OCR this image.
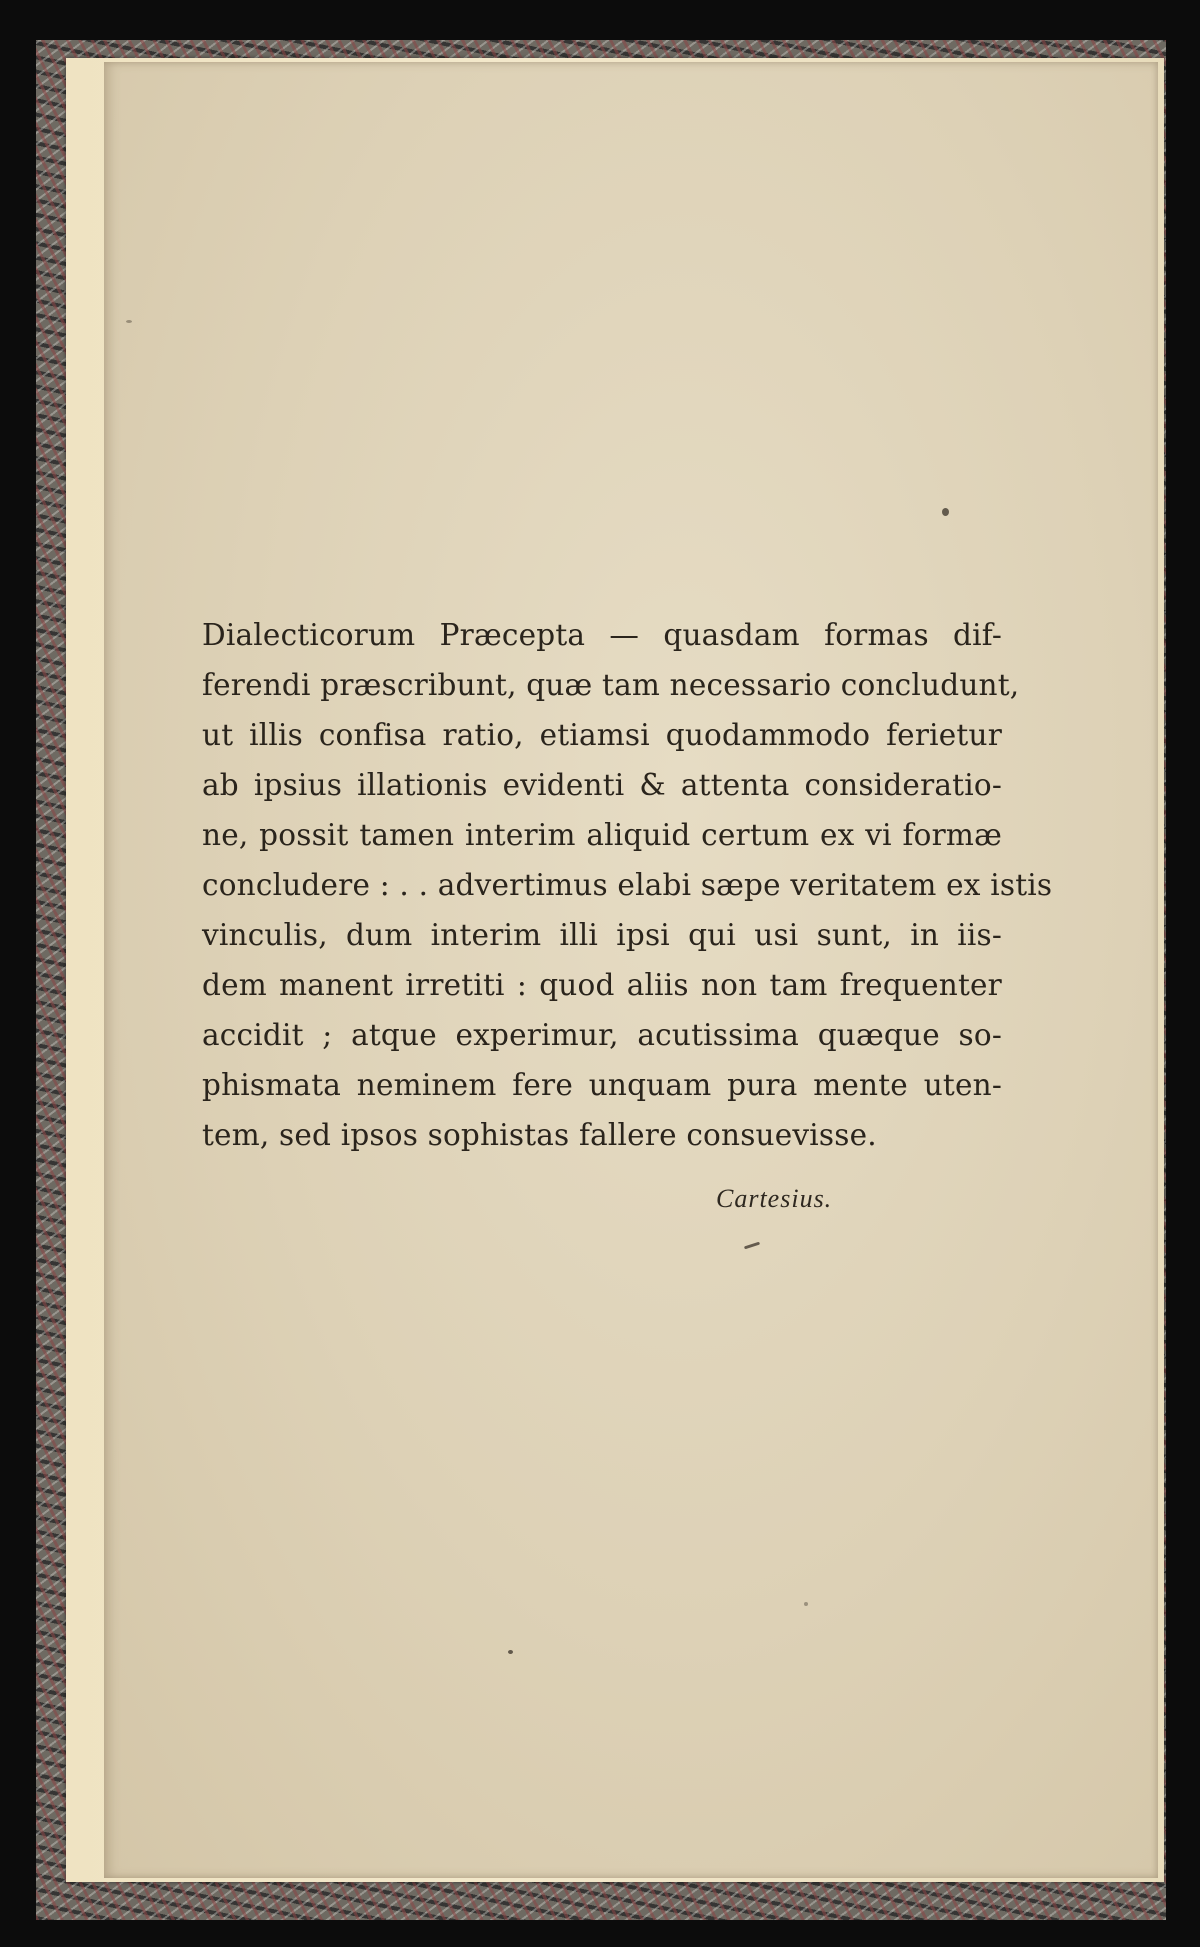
Dialecticorum Præcepta — quasdam formas dif-
ferendi præscribunt, quæ tam necessario concludunt,
ut illis confisa ratio, etiamsi quodammodo ferietur
ab ipsius illationis evidenti & attenta consideratio-
ne, possit tamen interim aliquid certum ex vi formæ
concludere : . . advertimus elabi sæpe veritatem ex istis
vinculis, dum interim illi ipsi qui usi sunt, in iis-
dem manent irretiti : quod aliis non tam frequenter
accidit ; atque experimur, acutissima quæque so-
phismata neminem fere unquam pura mente uten-
tem, sed ipsos sophistas fallere consuevisse.
Cartesius.
